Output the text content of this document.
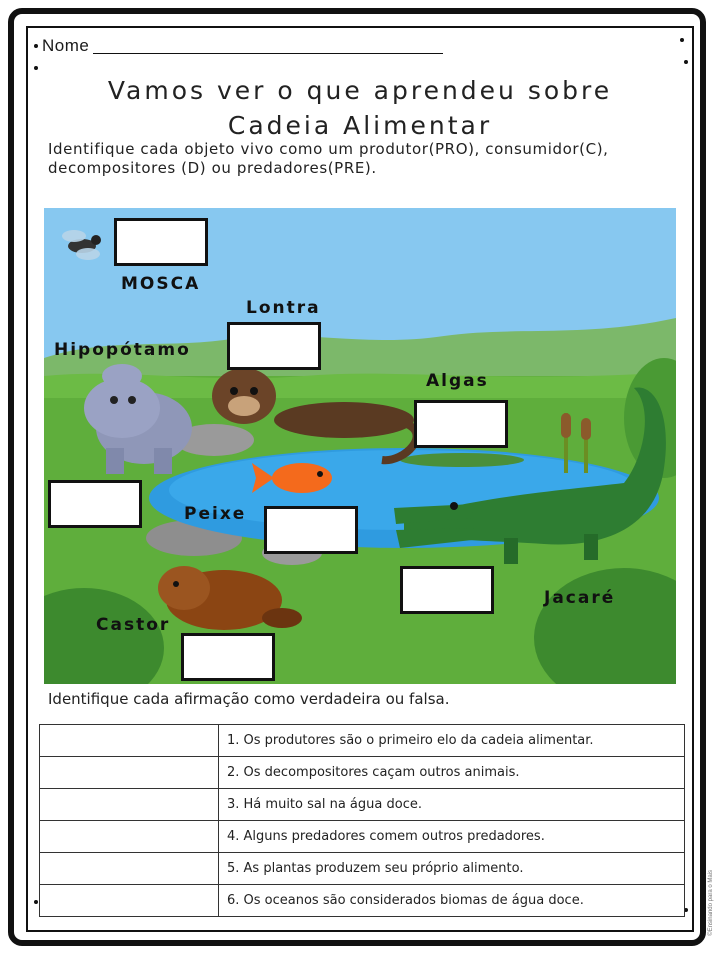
Nome
Vamos ver o que aprendeu sobre
Cadeia Alimentar
Identifique cada objeto vivo como um produtor(PRO), consumidor(C), decompositores (D) ou predadores(PRE).
MOSCA
Lontra
Hipopótamo
Algas
Peixe
Jacaré
Castor
Identifique cada afirmação como verdadeira ou falsa.
	1. Os produtores são o primeiro elo da cadeia alimentar.
	2. Os decompositores caçam outros animais.
	3. Há muito sal na água doce.
	4. Alguns predadores comem outros predadores.
	5. As plantas produzem seu próprio alimento.
	6. Os oceanos são considerados biomas de água doce.	©Ensinando para o Mais
